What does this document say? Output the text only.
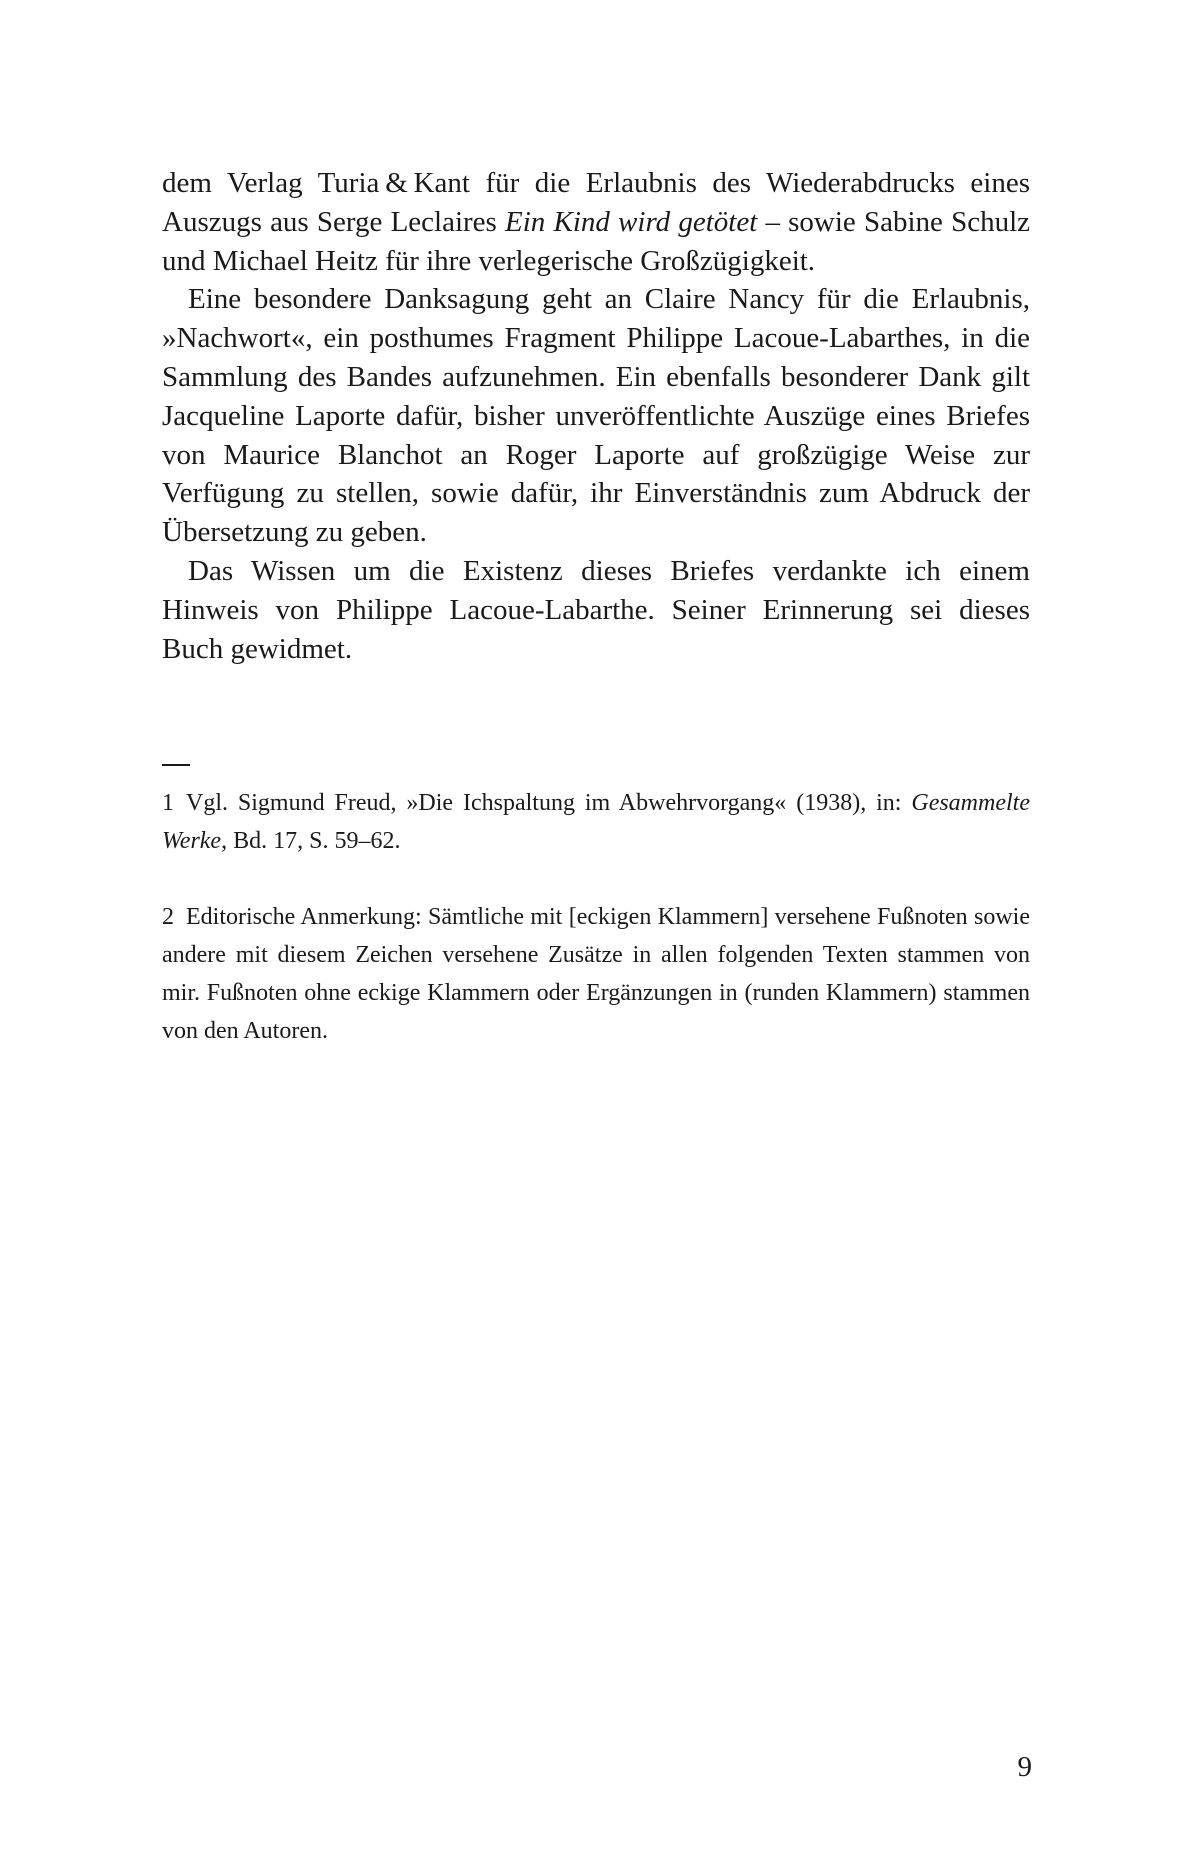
dem Verlag Turia & Kant für die Erlaubnis des Wiederabdrucks eines Auszugs aus Serge Leclaires Ein Kind wird getötet – sowie Sabine Schulz und Michael Heitz für ihre verlegerische Großzügigkeit.

Eine besondere Danksagung geht an Claire Nancy für die Erlaubnis, »Nachwort«, ein posthumes Fragment Philippe Lacoue-Labarthes, in die Sammlung des Bandes aufzunehmen. Ein ebenfalls besonderer Dank gilt Jacqueline Laporte dafür, bisher unveröffentlichte Auszüge eines Briefes von Maurice Blanchot an Roger Laporte auf großzügige Weise zur Verfügung zu stellen, sowie dafür, ihr Einverständnis zum Abdruck der Übersetzung zu geben.

Das Wissen um die Existenz dieses Briefes verdankte ich einem Hinweis von Philippe Lacoue-Labarthe. Seiner Erinnerung sei dieses Buch gewidmet.

1 Vgl. Sigmund Freud, »Die Ichspaltung im Abwehrvorgang« (1938), in: Gesammelte Werke, Bd. 17, S. 59–62.

2 Editorische Anmerkung: Sämtliche mit [eckigen Klammern] versehene Fußnoten sowie andere mit diesem Zeichen versehene Zusätze in allen folgenden Texten stammen von mir. Fußnoten ohne eckige Klammern oder Ergänzungen in (runden Klammern) stammen von den Autoren.

9
